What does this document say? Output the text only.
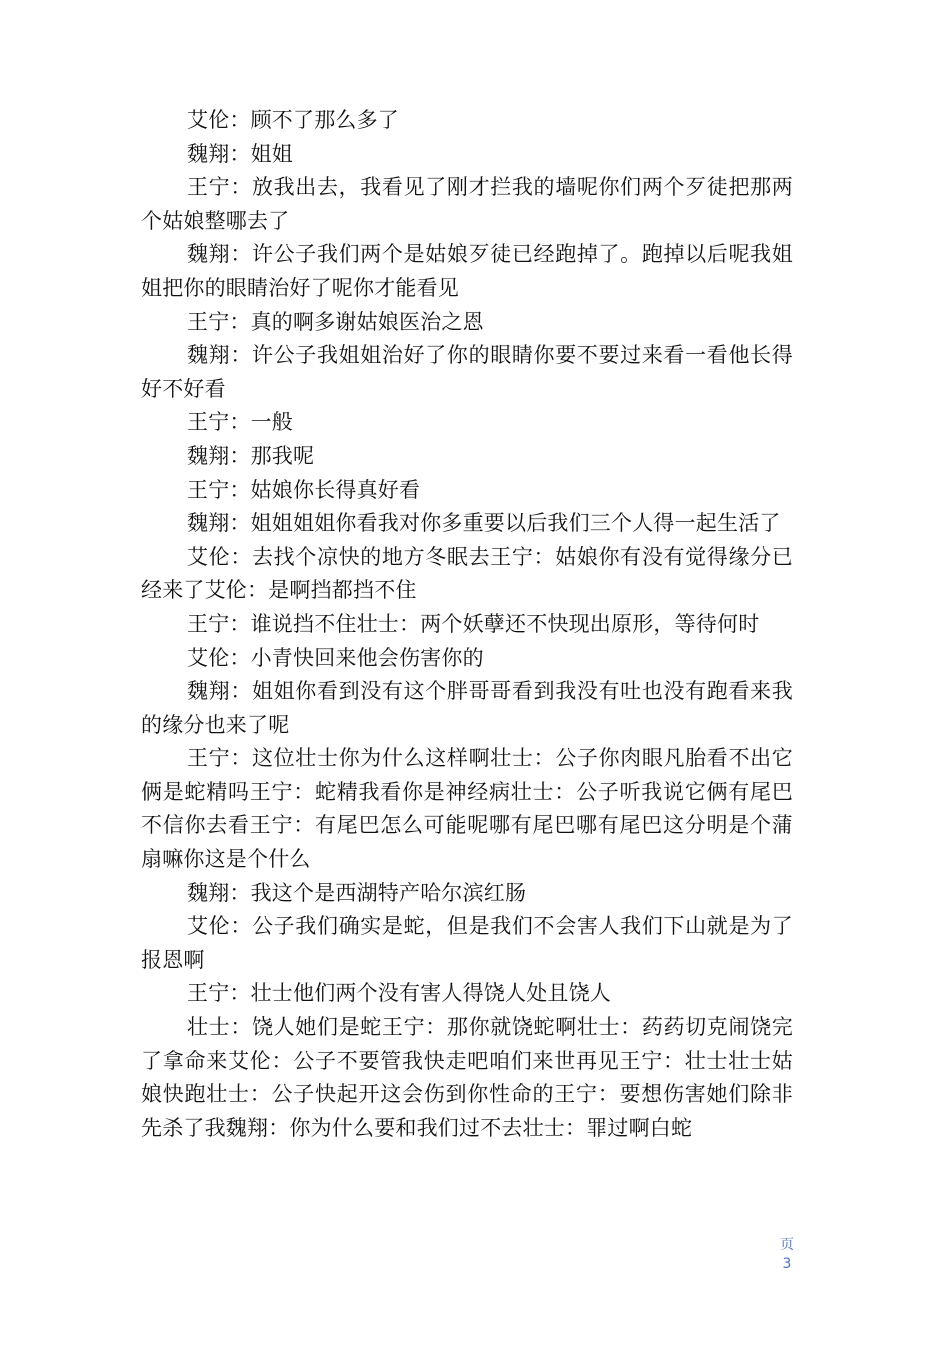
艾伦：顾不了那么多了

魏翔：姐姐

王宁：放我出去，我看见了刚才拦我的墙呢你们两个歹徒把那两个姑娘整哪去了

魏翔：许公子我们两个是姑娘歹徒已经跑掉了。跑掉以后呢我姐姐把你的眼睛治好了呢你才能看见

王宁：真的啊多谢姑娘医治之恩

魏翔：许公子我姐姐治好了你的眼睛你要不要过来看一看他长得好不好看

王宁：一般

魏翔：那我呢

王宁：姑娘你长得真好看

魏翔：姐姐姐姐你看我对你多重要以后我们三个人得一起生活了

艾伦：去找个凉快的地方冬眠去王宁：姑娘你有没有觉得缘分已经来了艾伦：是啊挡都挡不住

王宁：谁说挡不住壮士：两个妖孽还不快现出原形，等待何时

艾伦：小青快回来他会伤害你的

魏翔：姐姐你看到没有这个胖哥哥看到我没有吐也没有跑看来我的缘分也来了呢

王宁：这位壮士你为什么这样啊壮士：公子你肉眼凡胎看不出它俩是蛇精吗王宁：蛇精我看你是神经病壮士：公子听我说它俩有尾巴不信你去看王宁：有尾巴怎么可能呢哪有尾巴哪有尾巴这分明是个蒲扇嘛你这是个什么

魏翔：我这个是西湖特产哈尔滨红肠

艾伦：公子我们确实是蛇，但是我们不会害人我们下山就是为了报恩啊

王宁：壮士他们两个没有害人得饶人处且饶人

壮士：饶人她们是蛇王宁：那你就饶蛇啊壮士：药药切克闹饶完了拿命来艾伦：公子不要管我快走吧咱们来世再见王宁：壮士壮士姑娘快跑壮士：公子快起开这会伤到你性命的王宁：要想伤害她们除非先杀了我魏翔：你为什么要和我们过不去壮士：罪过啊白蛇

页
3
